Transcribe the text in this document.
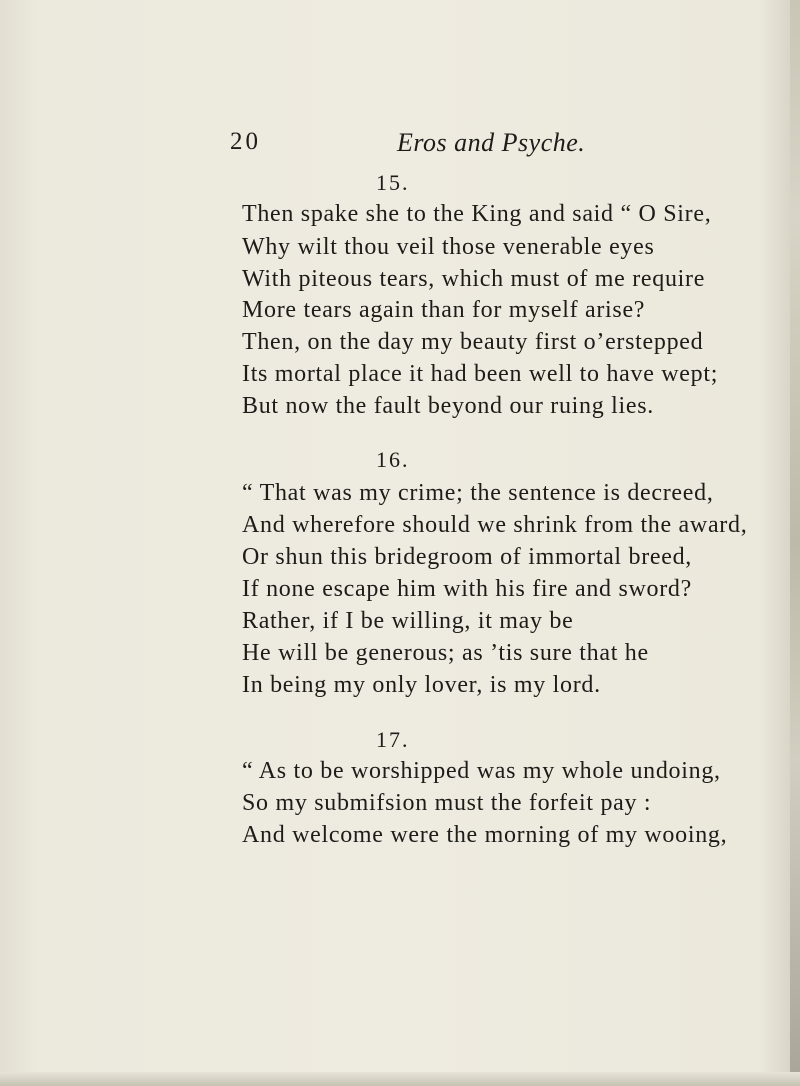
20	Eros and Psyche.
15.
Then spake she to the King and said “ O Sire,
Why wilt thou veil those venerable eyes
With piteous tears, which must of me require
More tears again than for myself arise?
Then, on the day my beauty first o’erstepped
Its mortal place it had been well to have wept;
But now the fault beyond our ruing lies.
16.
“ That was my crime; the sentence is decreed,
And wherefore should we shrink from the award,
Or shun this bridegroom of immortal breed,
If none escape him with his fire and sword?
Rather, if I be willing, it may be
He will be generous; as ’tis sure that he
In being my only lover, is my lord.
17.
“ As to be worshipped was my whole undoing,
So my submifsion must the forfeit pay :
And welcome were the morning of my wooing,
